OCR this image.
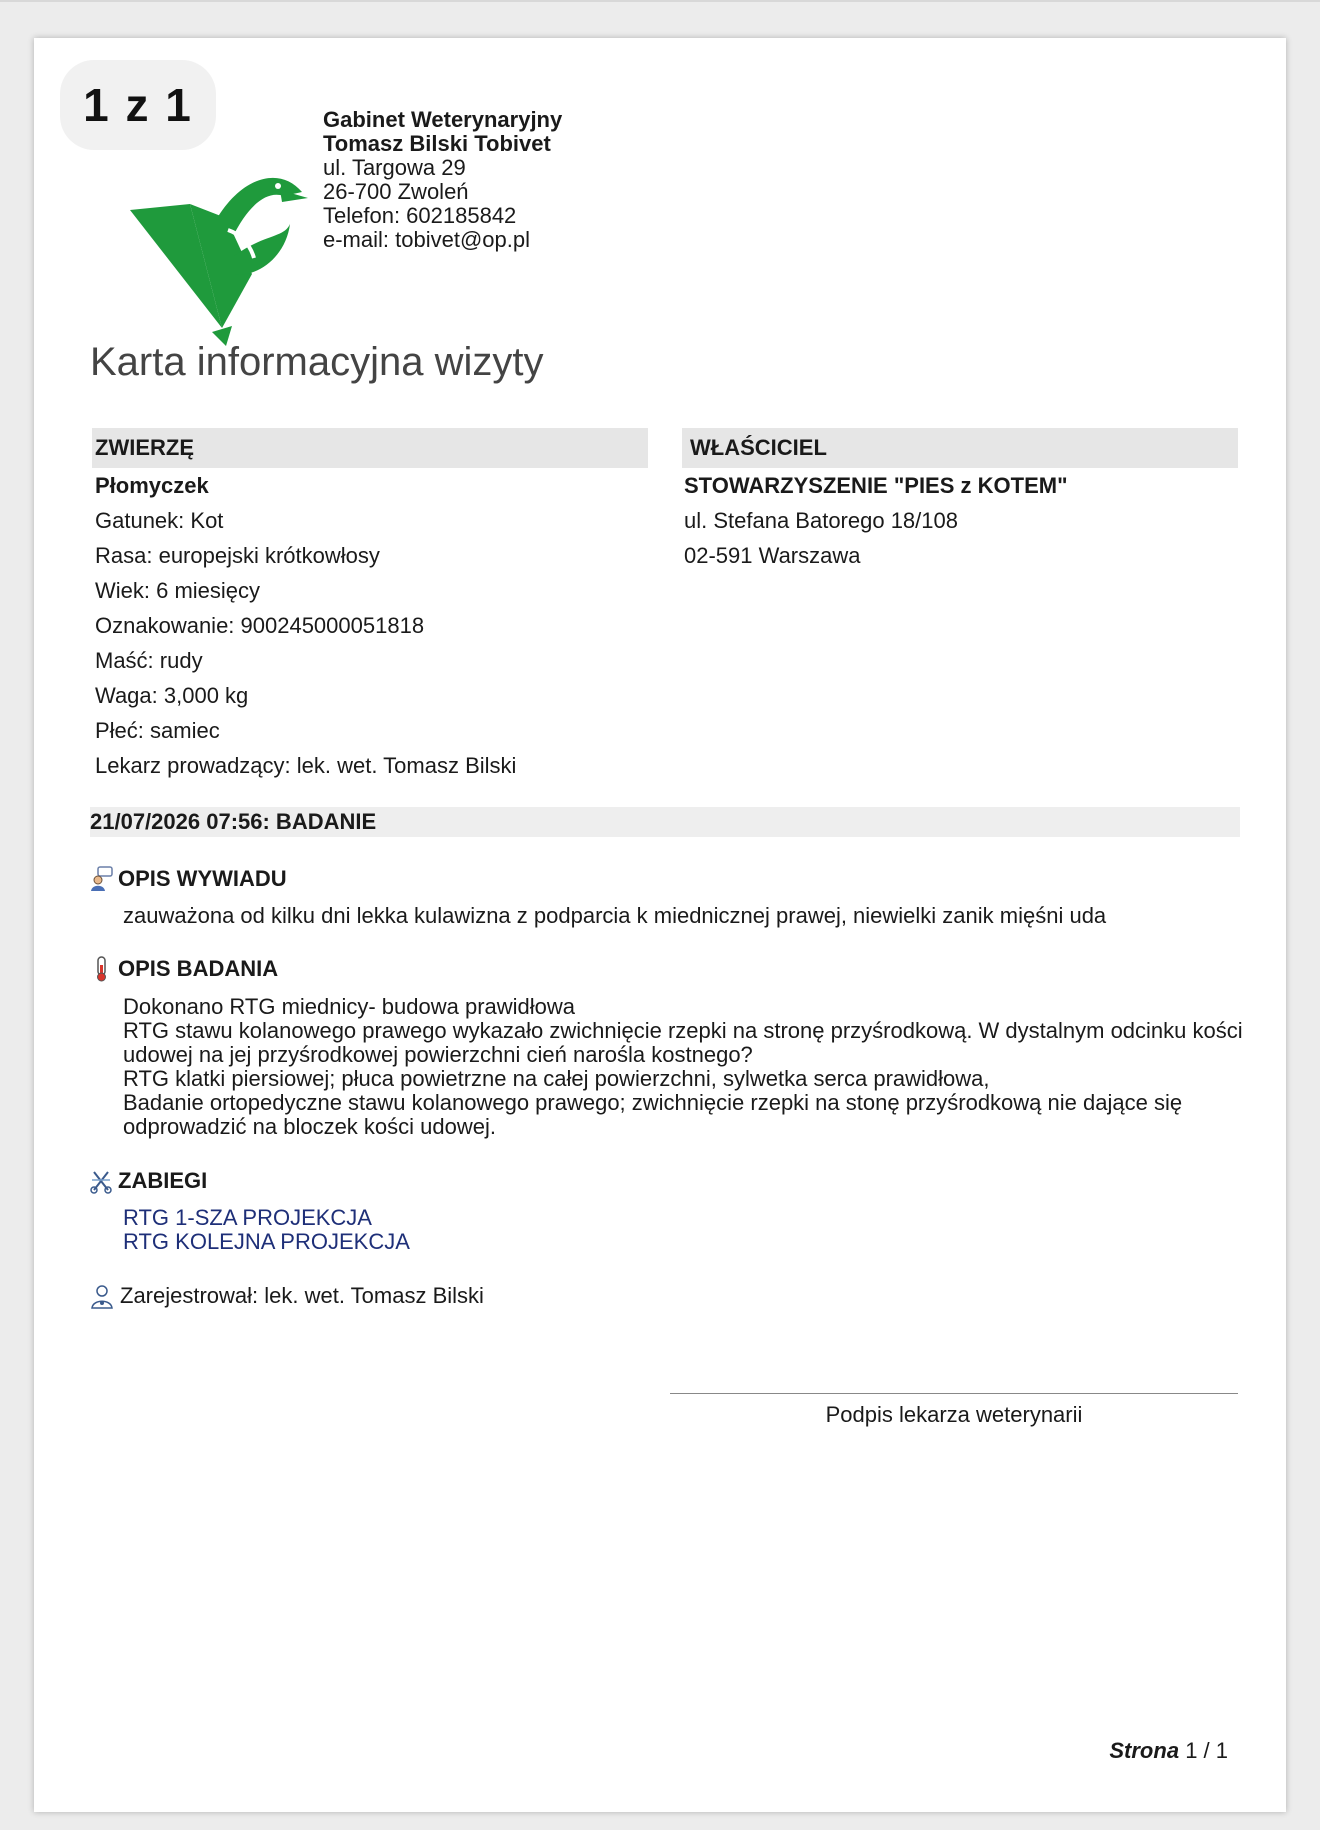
1 z 1	Gabinet Weterynaryjny
Tomasz Bilski Tobivet
ul. Targowa 29
26-700 Zwoleń
Telefon: 602185842
e-mail: tobivet@op.pl
Karta informacyjna wizyty
ZWIERZĘ
Płomyczek
Gatunek: Kot
Rasa: europejski krótkowłosy
Wiek: 6 miesięcy
Oznakowanie: 900245000051818
Maść: rudy
Waga: 3,000 kg
Płeć: samiec
Lekarz prowadzący: lek. wet. Tomasz Bilski
WŁAŚCICIEL
STOWARZYSZENIE "PIES z KOTEM"
ul. Stefana Batorego 18/108
02-591 Warszawa
21/07/2026 07:56: BADANIE
OPIS WYWIADU
zauważona od kilku dni lekka kulawizna z podparcia k miednicznej prawej, niewielki zanik mięśni uda
OPIS BADANIA
Dokonano RTG miednicy- budowa prawidłowa
RTG stawu kolanowego prawego wykazało zwichnięcie rzepki na stronę przyśrodkową. W dystalnym odcinku kości
udowej na jej przyśrodkowej powierzchni cień narośla kostnego?
RTG klatki piersiowej; płuca powietrzne na całej powierzchni, sylwetka serca prawidłowa,
Badanie ortopedyczne stawu kolanowego prawego; zwichnięcie rzepki na stonę przyśrodkową nie dające się
odprowadzić na bloczek kości udowej.
ZABIEGI
RTG 1-SZA PROJEKCJA
RTG KOLEJNA PROJEKCJA
Zarejestrował: lek. wet. Tomasz Bilski
Podpis lekarza weterynarii
Strona 1 / 1
